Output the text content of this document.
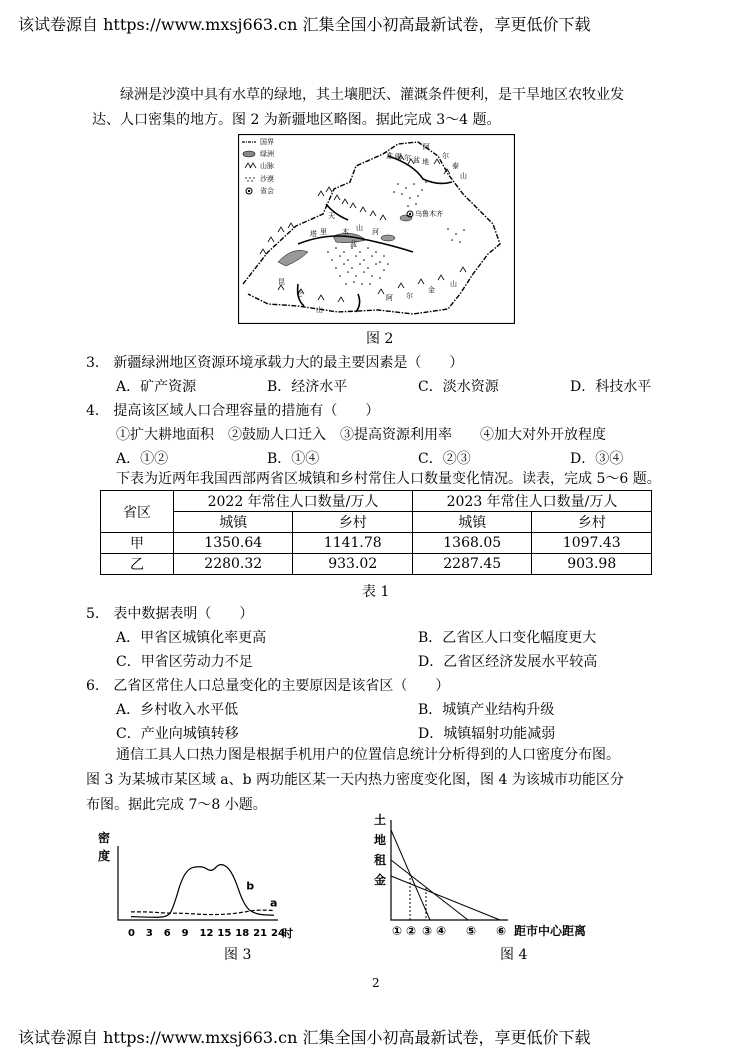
该试卷源自 https://www.mxsj663.cn 汇集全国小初高最新试卷，享更低价下载
该试卷源自 https://www.mxsj663.cn 汇集全国小初高最新试卷，享更低价下载
绿洲是沙漠中具有水草的绿地，其土壤肥沃、灌溉条件便利，是干旱地区农牧业发
达、人口密集的地方。图 2 为新疆地区略图。据此完成 3～4 题。
国界
绿洲
山脉
沙漠
省会
乌鲁木齐
阿
尔
泰
山
准 噶 尔 盆 地
天
山
塔 里 木
盆
河
昆
仑
山
阿 尔
金
山
图 2
3.　新疆绿洲地区资源环境承载力大的最主要因素是（　　）
A．矿产资源	B．经济水平	C．淡水资源	D．科技水平
4.　提高该区域人口合理容量的措施有（　　）
①扩大耕地面积　②鼓励人口迁入　③提高资源利用率　　④加大对外开放程度
A．①②	B．①④	C．②③	D．③④
下表为近两年我国西部两省区城镇和乡村常住人口数量变化情况。读表，完成 5～6 题。
省区	2022 年常住人口数量/万人		2023 年常住人口数量/万人	
	城镇	乡村	城镇	乡村
甲	1350.64	1141.78	1368.05	1097.43
乙	2280.32	933.02	2287.45	903.98
表 1
5.　表中数据表明（　　）
A．甲省区城镇化率更高	B．乙省区人口变化幅度更大
C．甲省区劳动力不足	D．乙省区经济发展水平较高
6.　乙省区常住人口总量变化的主要原因是该省区（　　）
A．乡村收入水平低	B．城镇产业结构升级
C．产业向城镇转移	D．城镇辐射功能减弱
通信工具人口热力图是根据手机用户的位置信息统计分析得到的人口密度分布图。
图 3 为某城市某区域 a、b 两功能区某一天内热力密度变化图，图 4 为该城市功能区分
布图。据此完成 7～8 小题。
密
度
0 3 6 9 12 15 18 21 24
时
a
b
图 3
土
地
租
金
① ② ③ ④ ⑤ ⑥ 距市中心距离
图 4
2
